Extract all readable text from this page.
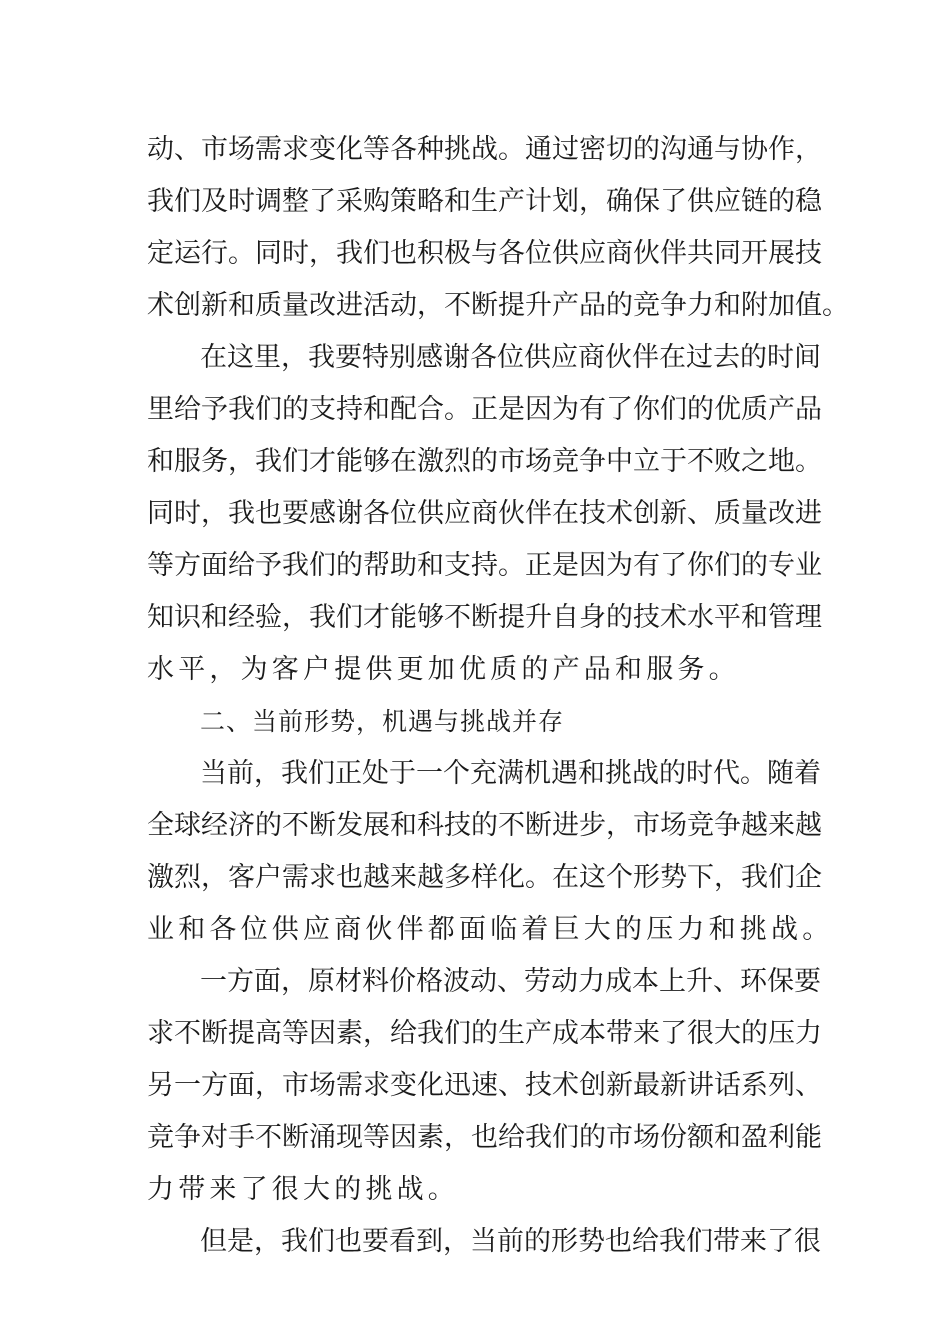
动、市场需求变化等各种挑战。通过密切的沟通与协作，
我们及时调整了采购策略和生产计划，确保了供应链的稳
定运行。同时，我们也积极与各位供应商伙伴共同开展技
术创新和质量改进活动，不断提升产品的竞争力和附加值。
在这里，我要特别感谢各位供应商伙伴在过去的时间
里给予我们的支持和配合。正是因为有了你们的优质产品
和服务，我们才能够在激烈的市场竞争中立于不败之地。
同时，我也要感谢各位供应商伙伴在技术创新、质量改进
等方面给予我们的帮助和支持。正是因为有了你们的专业
知识和经验，我们才能够不断提升自身的技术水平和管理
水平，为客户提供更加优质的产品和服务。
二、当前形势，机遇与挑战并存
当前，我们正处于一个充满机遇和挑战的时代。随着
全球经济的不断发展和科技的不断进步，市场竞争越来越
激烈，客户需求也越来越多样化。在这个形势下，我们企
业和各位供应商伙伴都面临着巨大的压力和挑战。
一方面，原材料价格波动、劳动力成本上升、环保要
求不断提高等因素，给我们的生产成本带来了很大的压力
另一方面，市场需求变化迅速、技术创新最新讲话系列、
竞争对手不断涌现等因素，也给我们的市场份额和盈利能
力带来了很大的挑战。
但是，我们也要看到，当前的形势也给我们带来了很
